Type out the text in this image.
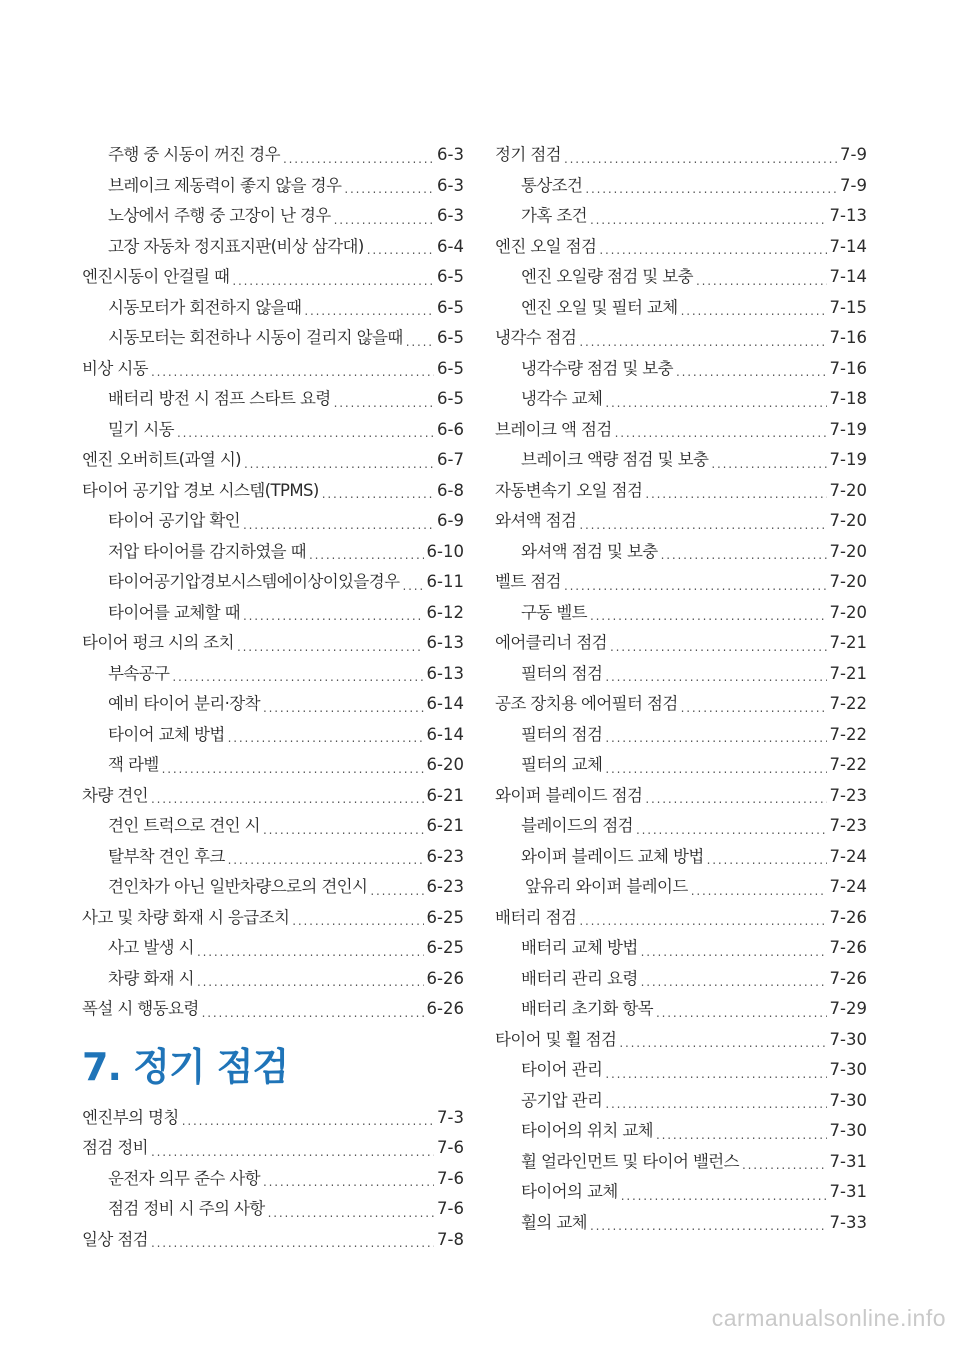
주행 중 시동이 꺼진 경우 . . .	6-3
브레이크 제동력이 좋지 않을 경우 . . .	6-3
노상에서 주행 중 고장이 난 경우 . . .	6-3
고장 자동차 정지표지판(비상 삼각대) . . .	6-4
엔진시동이 안걸릴 때 . . .	6-5
시동모터가 회전하지 않을때 . . .	6-5
시동모터는 회전하나 시동이 걸리지 않을때 . . . 6-5
비상 시동 . . .	6-5
배터리 방전 시 점프 스타트 요령 . . .	6-5
밀기 시동 . . .	6-6
엔진 오버히트(과열 시) . . .	6-7
타이어 공기압 경보 시스템(TPMS) . . .	6-8
타이어 공기압 확인 . . .	6-9
저압 타이어를 감지하였을 때 . . .	6-10
타이어공기압경보시스템에이상이있을경우 . . . 6-11
타이어를 교체할 때 . . .	6-12
타이어 펑크 시의 조치 . . .	6-13
부속공구 . . .	6-13
예비 타이어 분리·장착 . . .	6-14
타이어 교체 방법 . . .	6-14
잭 라벨 . . .	6-20
차량 견인 . . .	6-21
견인 트럭으로 견인 시 . . .	6-21
탈부착 견인 후크 . . .	6-23
견인차가 아닌 일반차량으로의 견인시 . . .	6-23
사고 및 차량 화재 시 응급조치 . . .	6-25
사고 발생 시 . . .	6-25
차량 화재 시 . . .	6-26
폭설 시 행동요령 . . .	6-26
7. 정기 점검
엔진부의 명칭 . . .	7-3
점검 정비 . . .	7-6
운전자 의무 준수 사항 . . .	7-6
점검 정비 시 주의 사항 . . .	7-6
일상 점검 . . .	7-8
정기 점검 . . .	7-9
통상조건 . . .	7-9
가혹 조건 . . .	7-13
엔진 오일 점검 . . .	7-14
엔진 오일량 점검 및 보충 . . .	7-14
엔진 오일 및 필터 교체 . . .	7-15
냉각수 점검 . . .	7-16
냉각수량 점검 및 보충 . . .	7-16
냉각수 교체 . . .	7-18
브레이크 액 점검 . . .	7-19
브레이크 액량 점검 및 보충 . . .	7-19
자동변속기 오일 점검 . . .	7-20
와셔액 점검 . . .	7-20
와셔액 점검 및 보충 . . .	7-20
벨트 점검 . . .	7-20
구동 벨트 . . .	7-20
에어클리너 점검 . . .	7-21
필터의 점검 . . .	7-21
공조 장치용 에어필터 점검 . . .	7-22
필터의 점검 . . .	7-22
필터의 교체 . . .	7-22
와이퍼 블레이드 점검 . . .	7-23
블레이드의 점검 . . .	7-23
와이퍼 블레이드 교체 방법 . . .	7-24
앞유리 와이퍼 블레이드 . . .	7-24
배터리 점검 . . .	7-26
배터리 교체 방법 . . .	7-26
배터리 관리 요령 . . .	7-26
배터리 초기화 항목 . . .	7-29
타이어 및 휠 점검 . . .	7-30
타이어 관리 . . .	7-30
공기압 관리 . . .	7-30
타이어의 위치 교체 . . .	7-30
휠 얼라인먼트 및 타이어 밸런스 . . .	7-31
타이어의 교체 . . .	7-31
휠의 교체 . . .	7-33
carmanualsonline.info
